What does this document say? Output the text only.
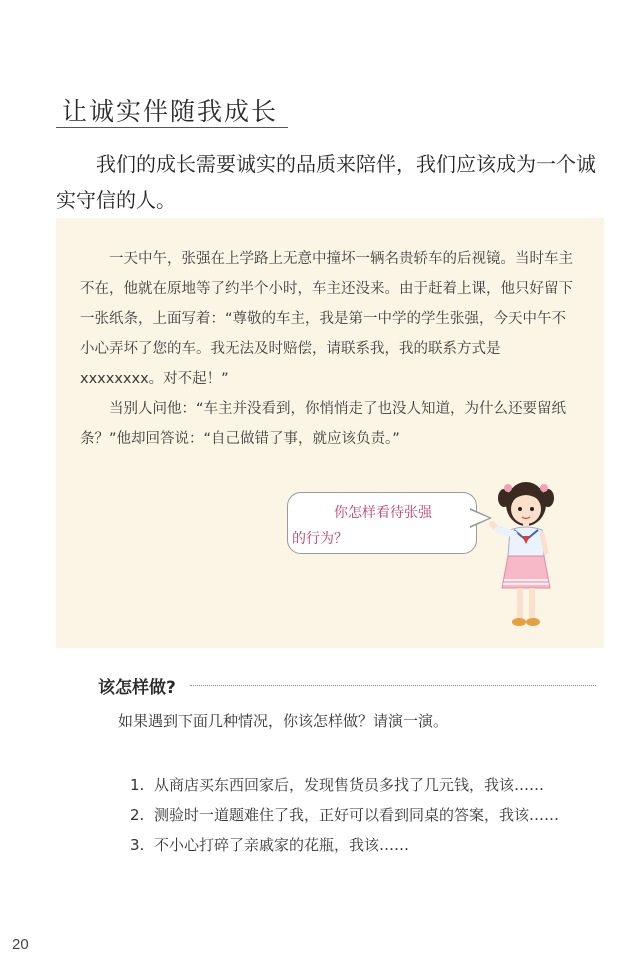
让诚实伴随我成长

我们的成长需要诚实的品质来陪伴，我们应该成为一个诚实守信的人。

一天中午，张强在上学路上无意中撞坏一辆名贵轿车的后视镜。当时车主不在，他就在原地等了约半个小时，车主还没来。由于赶着上课，他只好留下一张纸条，上面写着：“尊敬的车主，我是第一中学的学生张强，今天中午不小心弄坏了您的车。我无法及时赔偿，请联系我，我的联系方式是xxxxxxxx。对不起！”

当别人问他：“车主并没看到，你悄悄走了也没人知道，为什么还要留纸条？”他却回答说：“自己做错了事，就应该负责。”

你怎样看待张强
的行为？

该怎样做?
如果遇到下面几种情况，你该怎样做？请演一演。
1. 从商店买东西回家后，发现售货员多找了几元钱，我该……
2. 测验时一道题难住了我，正好可以看到同桌的答案，我该……
3. 不小心打碎了亲戚家的花瓶，我该……
20
